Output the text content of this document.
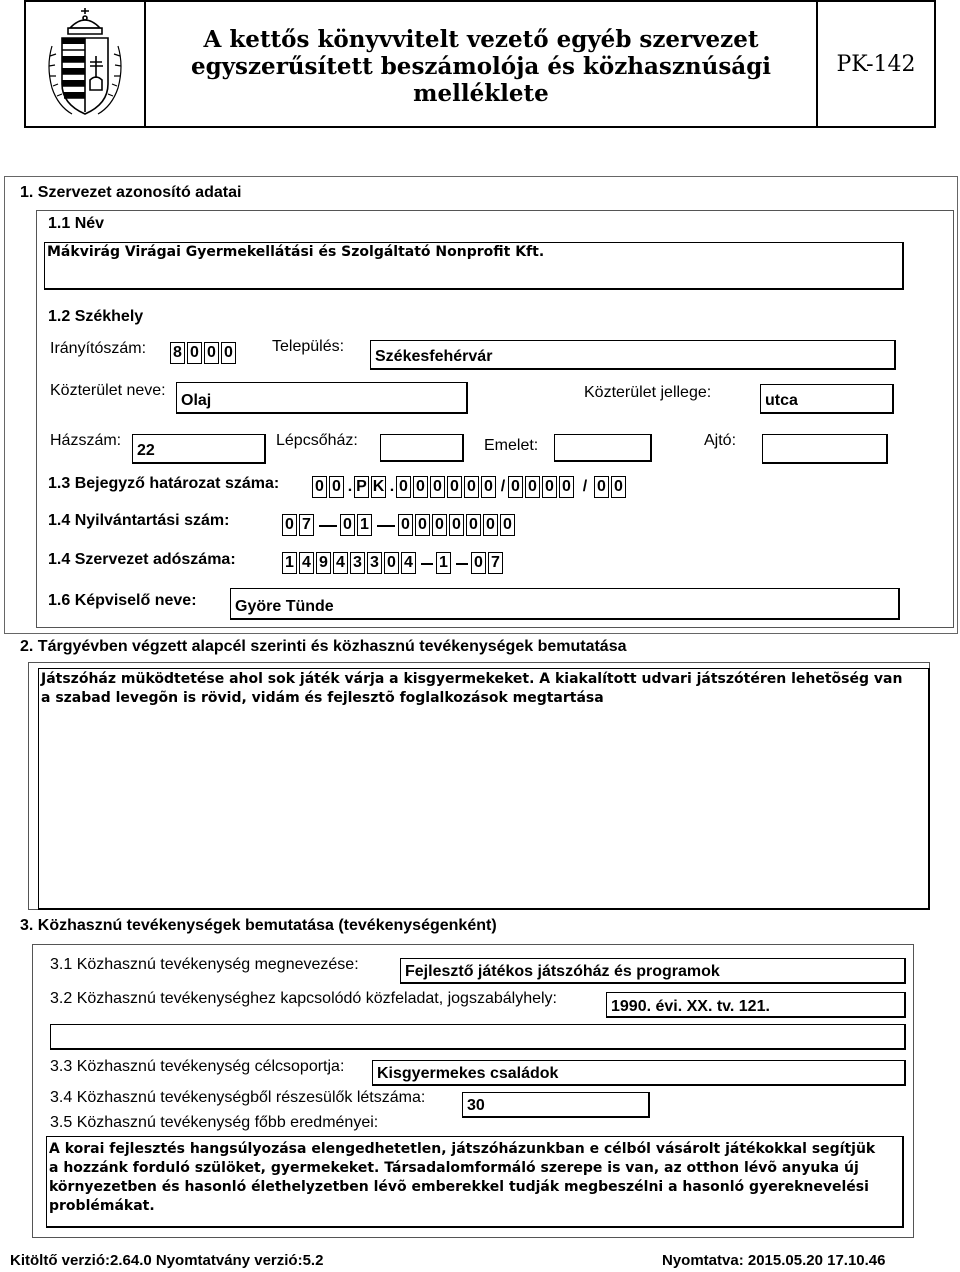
A kettős könyvvitelt vezető egyéb szervezet
egyszerűsített beszámolója és közhasznúsági melléklete
PK-142
1. Szervezet azonosító adatai
1.1 Név
Mákvirág Virágai Gyermekellátási és Szolgáltató Nonprofit Kft.
1.2 Székhely
Irányítószám: 8 0 0 0	Település:
Székesfehérvár
Közterület neve:
Olaj	Közterület jellege:	utca
Házszám:
22
Lépcsőház:	Emelet:	Ajtó:
1.3 Bejegyző határozat száma: 0 0 . P K . 0 0 0 0 0 0 / 0 0 0 0 / 0 0
1.4 Nyilvántartási szám:	0 7 0 1 0 0 0 0 0 0 0
1.4 Szervezet adószáma:	1 4 9 4 3 3 0 4 1 0 7
1.6 Képviselő neve: Györe Tünde
2. Tárgyévben végzett alapcél szerinti és közhasznú tevékenységek bemutatása
Játszóház müködtetése ahol sok játék várja a kisgyermekeket. A kiakalított udvari játszótéren lehetõség van
a szabad levegõn is rövid, vidám és fejlesztõ foglalkozások megtartása
3. Közhasznú tevékenységek bemutatása (tevékenységenként)
3.1 Közhasznú tevékenység megnevezése:	Fejlesztő játékos játszóház és programok
3.2 Közhasznú tevékenységhez kapcsolódó közfeladat, jogszabályhely:	1990. évi. XX. tv. 121.
3.3 Közhasznú tevékenység célcsoportja: Kisgyermekes családok
3.4 Közhasznú tevékenységből részesülők létszáma:	30
3.5 Közhasznú tevékenység főbb eredményei:
A korai fejlesztés hangsúlyozása elengedhetetlen, játszóházunkban e célból vásárolt játékokkal segítjük
a hozzánk forduló szülöket, gyermekeket. Társadalomformáló szerepe is van, az otthon lévõ anyuka új
környezetben és hasonló élethelyzetben lévõ emberekkel tudják megbeszélni a hasonló gyereknevelési
problémákat.
Kitöltő verzió:2.64.0 Nyomtatvány verzió:5.2	Nyomtatva: 2015.05.20 17.10.46
